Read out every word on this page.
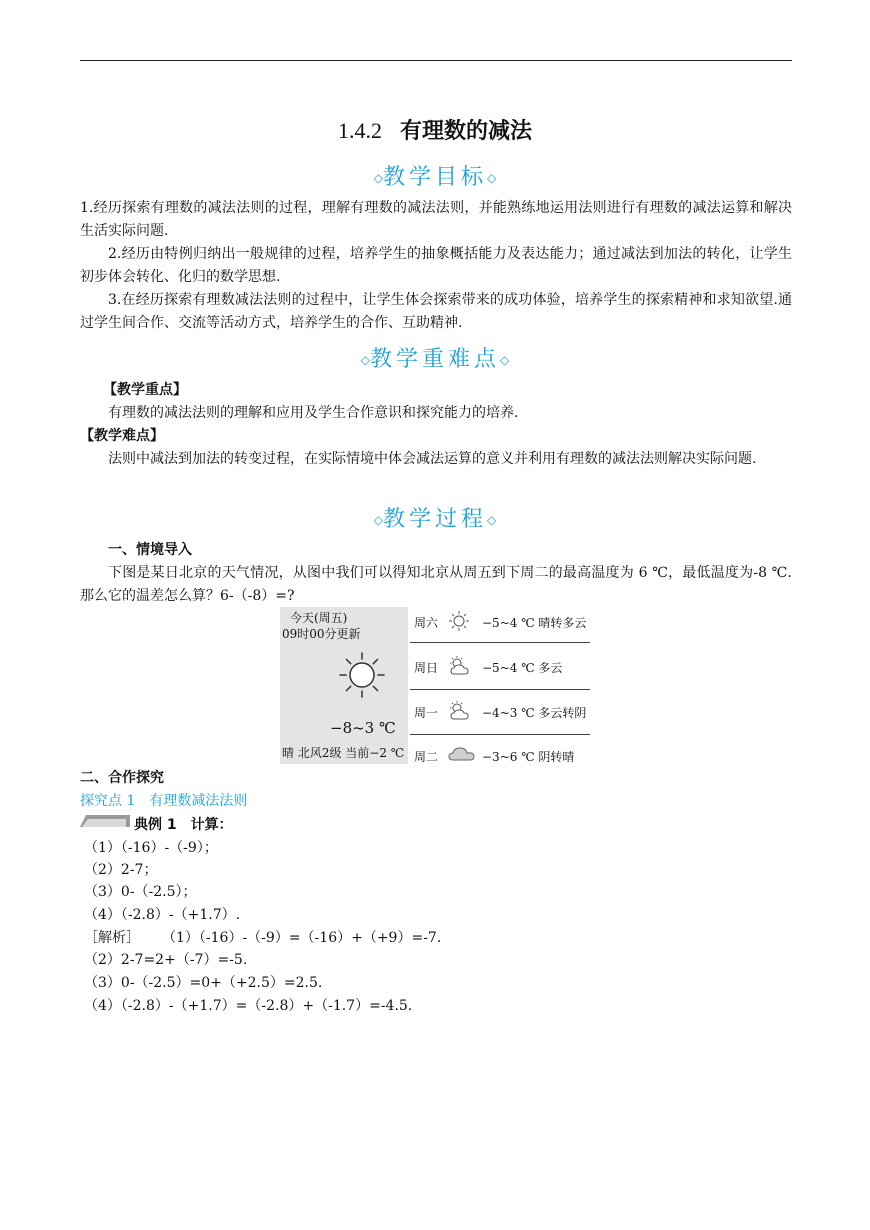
1.4.2 有理数的减法
◇教学目标◇
1.经历探索有理数的减法法则的过程，理解有理数的减法法则，并能熟练地运用法则进行有理数的减法运算和解决生活实际问题.
2.经历由特例归纳出一般规律的过程，培养学生的抽象概括能力及表达能力；通过减法到加法的转化，让学生初步体会转化、化归的数学思想.
3.在经历探索有理数减法法则的过程中，让学生体会探索带来的成功体验，培养学生的探索精神和求知欲望.通过学生间合作、交流等活动方式，培养学生的合作、互助精神.
◇教学重难点◇
【教学重点】
有理数的减法法则的理解和应用及学生合作意识和探究能力的培养.
【教学难点】
法则中减法到加法的转变过程，在实际情境中体会减法运算的意义并利用有理数的减法法则解决实际问题.
◇教学过程◇
一、情境导入
下图是某日北京的天气情况，从图中我们可以得知北京从周五到下周二的最高温度为 6 ℃，最低温度为-8 ℃.那么它的温差怎么算？6-（-8）=?
今天(周五)
09时00分更新
−8~3 ℃
晴 北风2级 当前−2 ℃
周六	−5~4 ℃ 晴转多云
周日	−5~4 ℃ 多云
周一	−4~3 ℃ 多云转阴
周二	−3~6 ℃ 阴转晴
二、合作探究
探究点 1　有理数减法法则
典例 1　计算：
（1）（-16）-（-9）；
（2）2-7；
（3）0-（-2.5）；
（4）（-2.8）-（+1.7）.
［解析］ （1）（-16）-（-9）=（-16）+（+9）=-7.
（2）2-7=2+（-7）=-5.
（3）0-（-2.5）=0+（+2.5）=2.5.
（4）（-2.8）-（+1.7）=（-2.8）+（-1.7）=-4.5.
